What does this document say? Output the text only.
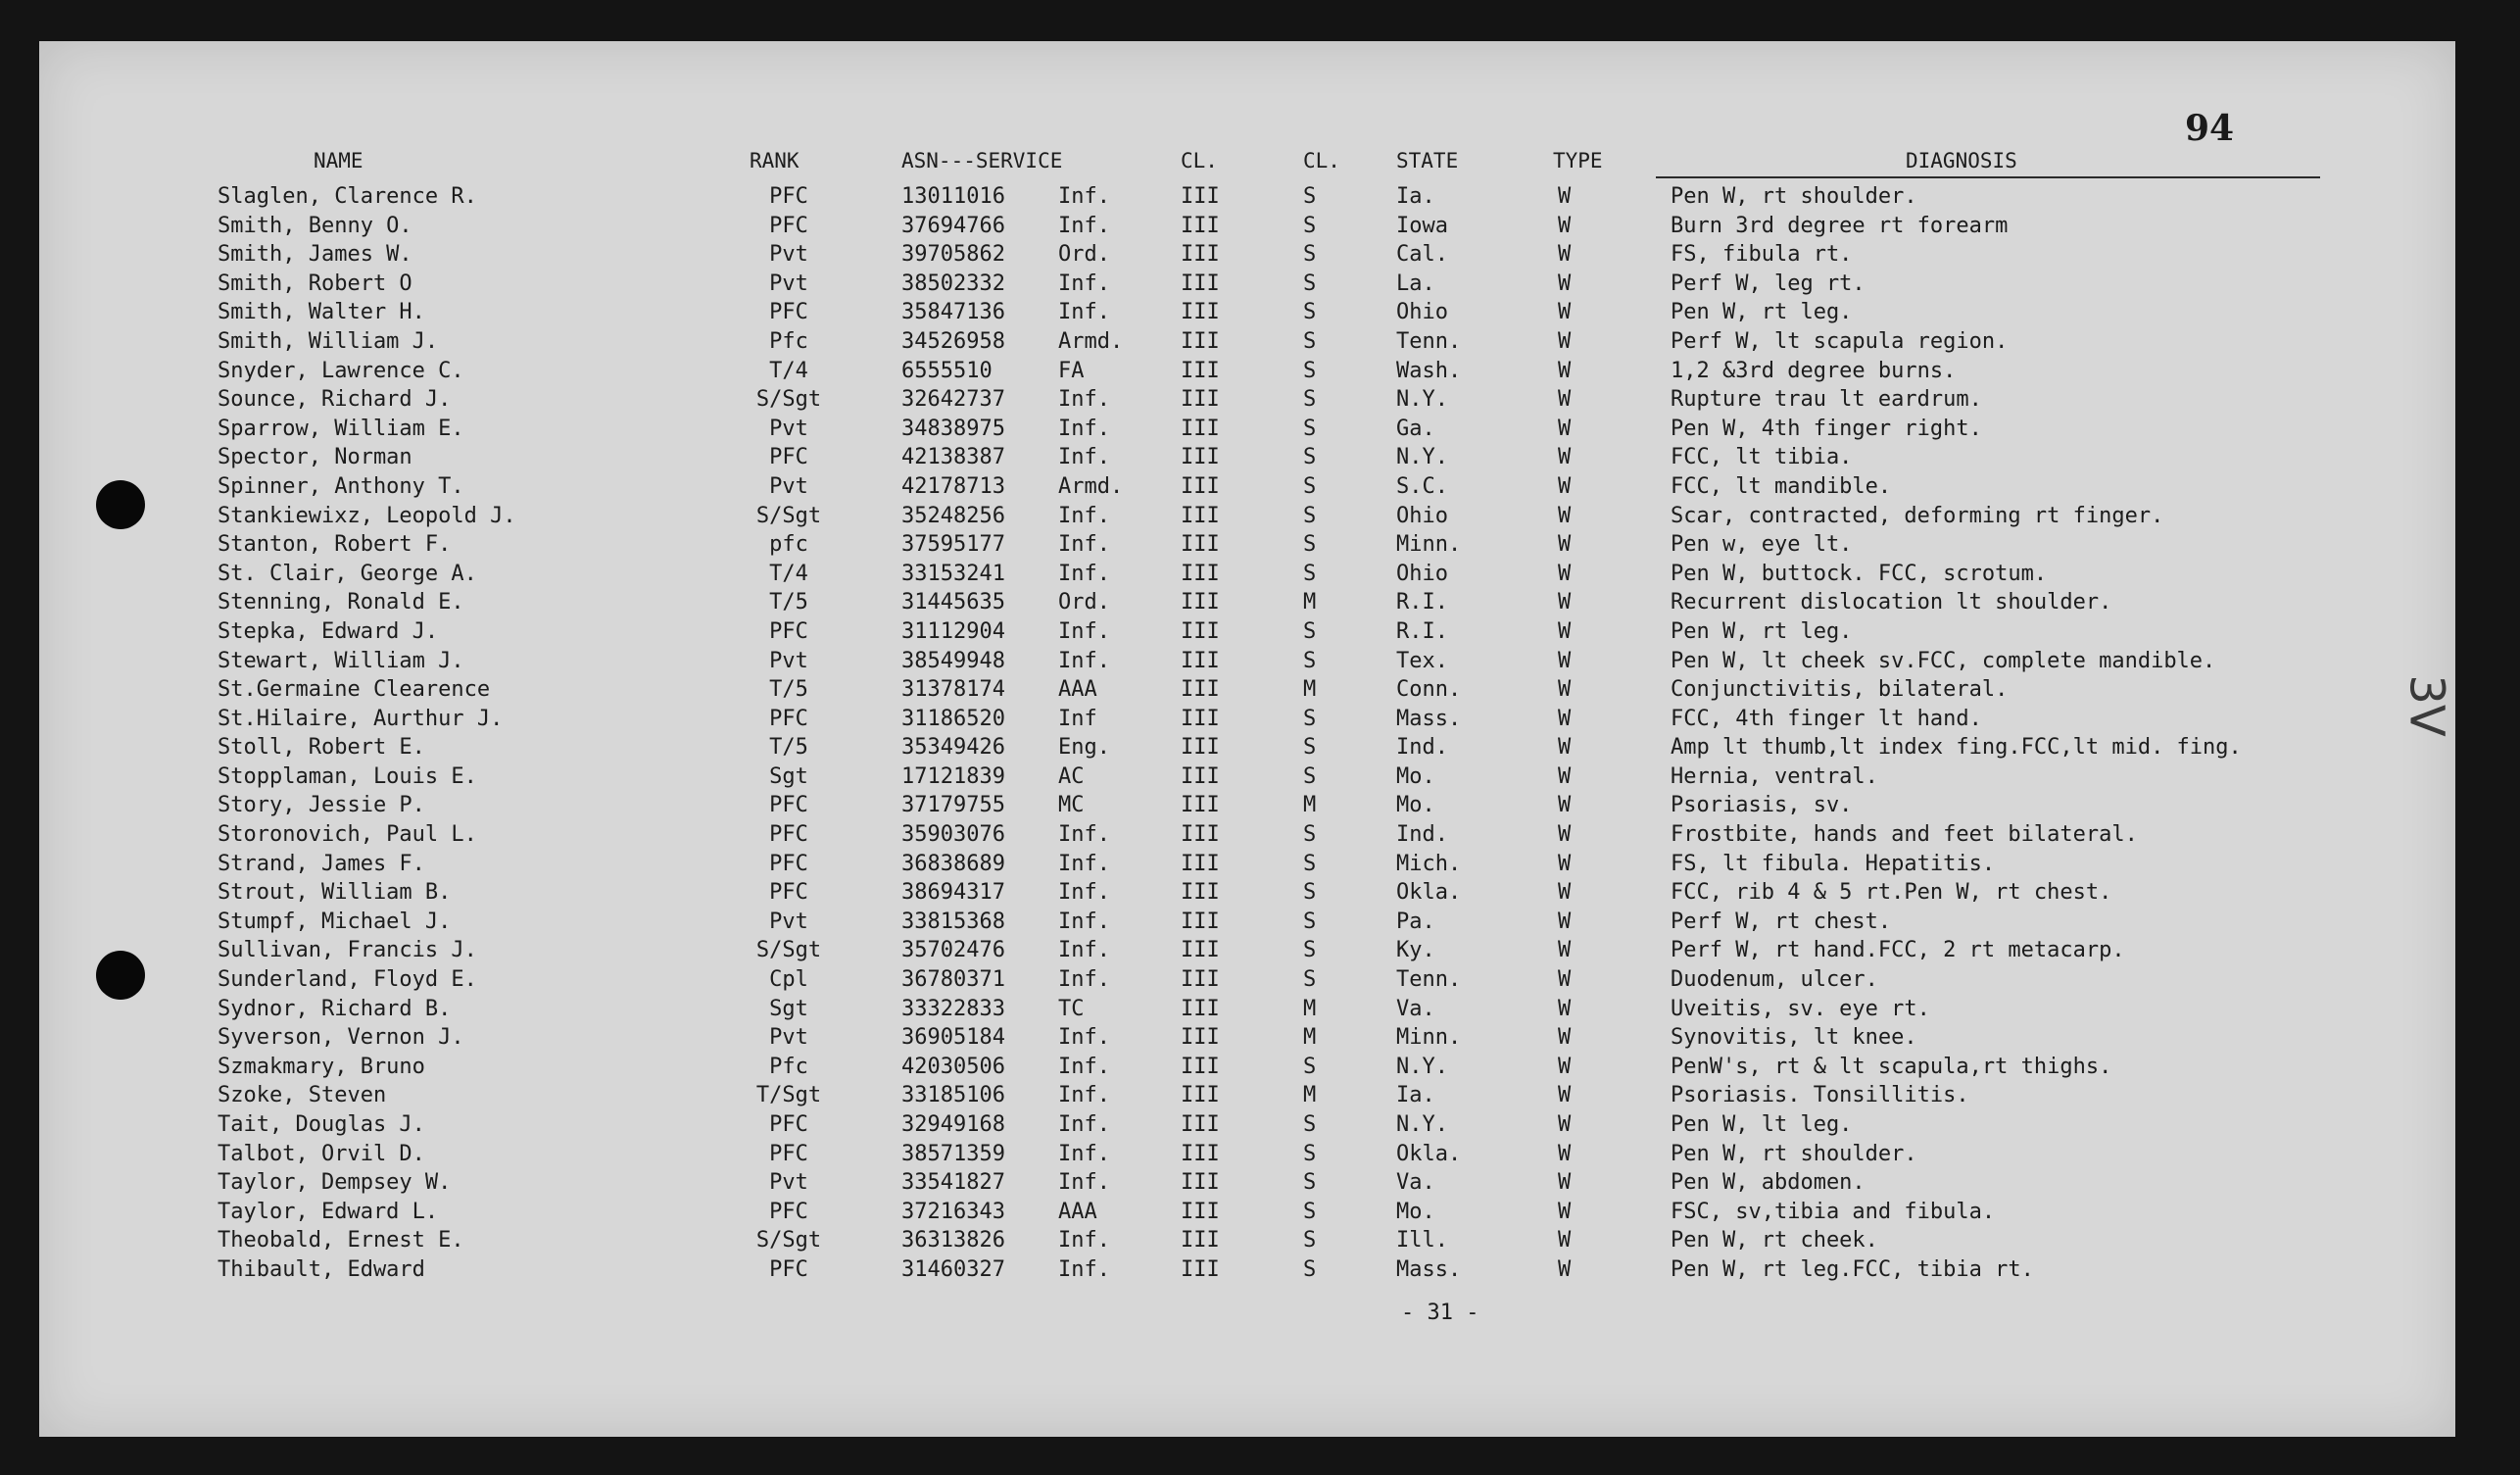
94
NAME	RANK	ASN---SERVICE	CL.	CL.	STATE	TYPE	DIAGNOSIS
Slaglen, Clarence R.	PFC	13011016 Inf.	III	S	Ia.	W	Pen W, rt shoulder.
Smith, Benny O.	PFC	37694766 Inf.	III	S	Iowa	W	Burn 3rd degree rt forearm
Smith, James W.	Pvt	39705862 Ord.	III	S	Cal.	W	FS, fibula rt.
Smith, Robert O	Pvt	38502332 Inf.	III	S	La.	W	Perf W, leg rt.
Smith, Walter H.	PFC	35847136 Inf.	III	S	Ohio	W	Pen W, rt leg.
Smith, William J.	Pfc	34526958 Armd.	III	S	Tenn.	W	Perf W, lt scapula region.
Snyder, Lawrence C.	T/4	6555510	FA	III	S	Wash.	W	1,2 &3rd degree burns.
Sounce, Richard J.	S/Sgt	32642737 Inf.	III	S	N.Y.	W	Rupture trau lt eardrum.
Sparrow, William E.	Pvt	34838975 Inf.	III	S	Ga.	W	Pen W, 4th finger right.
Spector, Norman	PFC	42138387 Inf.	III	S	N.Y.	W	FCC, lt tibia.
Spinner, Anthony T.	Pvt	42178713 Armd.	III	S	S.C.	W	FCC, lt mandible.
Stankiewixz, Leopold J.	S/Sgt	35248256 Inf.	III	S	Ohio	W	Scar, contracted, deforming rt finger.
Stanton, Robert F.	pfc	37595177 Inf.	III	S	Minn.	W	Pen w, eye lt.
St. Clair, George A.	T/4	33153241 Inf.	III	S	Ohio	W	Pen W, buttock. FCC, scrotum.
Stenning, Ronald E.	T/5	31445635 Ord.	III	M	R.I.	W	Recurrent dislocation lt shoulder.
Stepka, Edward J.	PFC	31112904 Inf.	III	S	R.I.	W	Pen W, rt leg.
Stewart, William J.	Pvt	38549948 Inf.	III	S	Tex.	W	Pen W, lt cheek sv.FCC, complete mandible.
St.Germaine Clearence	T/5	31378174 AAA	III	M	Conn.	W	Conjunctivitis, bilateral.
St.Hilaire, Aurthur J.	PFC	31186520 Inf	III	S	Mass.	W	FCC, 4th finger lt hand.
Stoll, Robert E.	T/5	35349426 Eng.	III	S	Ind.	W	Amp lt thumb,lt index fing.FCC,lt mid. fing.
Stopplaman, Louis E.	Sgt	17121839 AC	III	S	Mo.	W	Hernia, ventral.
Story, Jessie P.	PFC	37179755 MC	III	M	Mo.	W	Psoriasis, sv.
Storonovich, Paul L.	PFC	35903076 Inf.	III	S	Ind.	W	Frostbite, hands and feet bilateral.
Strand, James F.	PFC	36838689 Inf.	III	S	Mich.	W	FS, lt fibula. Hepatitis.
Strout, William B.	PFC	38694317 Inf.	III	S	Okla.	W	FCC, rib 4 & 5 rt.Pen W, rt chest.
Stumpf, Michael J.	Pvt	33815368 Inf.	III	S	Pa.	W	Perf W, rt chest.
Sullivan, Francis J.	S/Sgt	35702476 Inf.	III	S	Ky.	W	Perf W, rt hand.FCC, 2 rt metacarp.
Sunderland, Floyd E.	Cpl	36780371 Inf.	III	S	Tenn.	W	Duodenum, ulcer.
Sydnor, Richard B.	Sgt	33322833 TC	III	M	Va.	W	Uveitis, sv. eye rt.
Syverson, Vernon J.	Pvt	36905184 Inf.	III	M	Minn.	W	Synovitis, lt knee.
Szmakmary, Bruno	Pfc	42030506 Inf.	III	S	N.Y.	W	PenW's, rt & lt scapula,rt thighs.
Szoke, Steven	T/Sgt	33185106 Inf.	III	M	Ia.	W	Psoriasis. Tonsillitis.
Tait, Douglas J.	PFC	32949168 Inf.	III	S	N.Y.	W	Pen W, lt leg.
Talbot, Orvil D.	PFC	38571359 Inf.	III	S	Okla.	W	Pen W, rt shoulder.
Taylor, Dempsey W.	Pvt	33541827 Inf.	III	S	Va.	W	Pen W, abdomen.
Taylor, Edward L.	PFC	37216343 AAA	III	S	Mo.	W	FSC, sv,tibia and fibula.
Theobald, Ernest E.	S/Sgt	36313826 Inf.	III	S	Ill.	W	Pen W, rt cheek.
Thibault, Edward	PFC	31460327 Inf.	III	S	Mass.	W	Pen W, rt leg.FCC, tibia rt.
- 31 -
3V
